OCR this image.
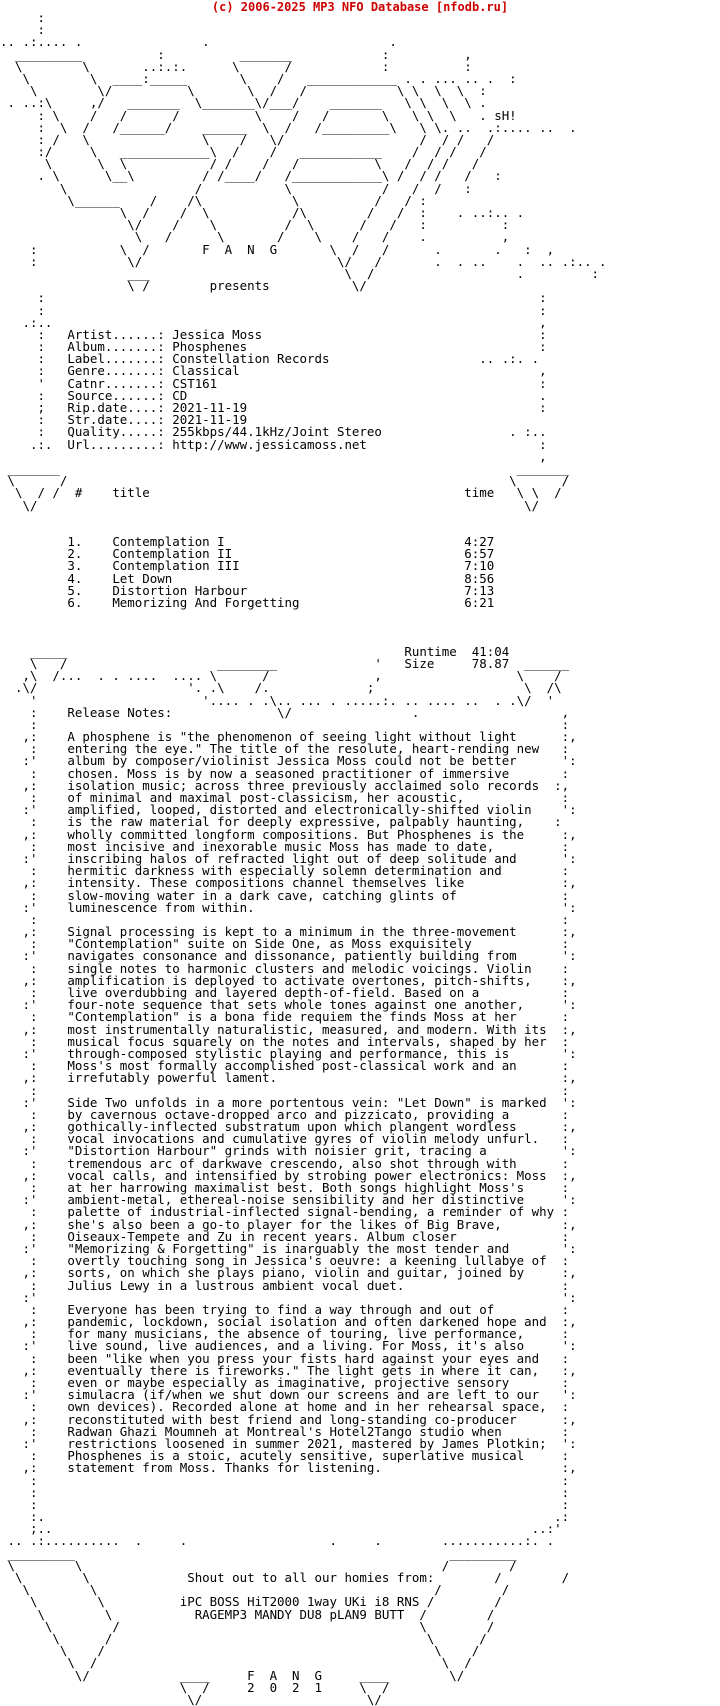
(c) 2006-2025 MP3 NFO Database [nfodb.ru]
:
:
.. .:.... .                .                        .
_________          :          _______            :          ,
\        \       ..:.:.      \      /            :          :
\        \  ____:_____       \    /   ____________ . . ... .. .  :
\        \/          \       \  /   /            \ \  \  \  :
. ..:\     ,/   _______  \_______\/___/    _______   \ \  \  \ .
: \    /   /      /          \    /   /       \   \ \  \   . sH!
:  \  /   /______/    ______  \  /   /_________\   \ \. ..  .:.... ..  .
: /   \               \    /   \/                  /  / /   /
:/     \   ____________\  /    /   ___________    /  / /   /
\      \  \           / /    /   /          \   /  / /   /
. \      \__\         / /____/   /____________\ /  / /   /   :
\                 /           \            /   /  /   :
\______    /    /\            \          /   / :
\  /    /  \           /\        /   /  :    . ..:.. .
\/    /    \         /  \      /   /   :          :
\   /      \       /    \    /   /    .          ,
:           \  /       F  A  N  G       \  /   /      .       .   :  ,
:            \/                          \/   /       .  . ..    .  .. .:.. .
___                          \  /                   .         :
\ /        presents           \/
:                                                                  :
:                                                                  :
.:..                                                                 ,
:   Artist......: Jessica Moss                                     :
:   Album.......: Phosphenes                                       :
:   Label.......: Constellation Records                    .. .:. .
:   Genre.......: Classical                                        ,
'   Catnr.......: CST161                                           :
:   Source......: CD                                               .
;   Rip.date....: 2021-11-19                                       :
:   Str.date....: 2021-11-19
:   Quality.....: 255kbps/44.1kHz/Joint Stereo                 . :..
.:.  Url.........: http://www.jessicamoss.net                       :
,
_______                                                             _______
\      /                                                           \      /
\  / /  #    title                                          time   \ \  /
\/                                                                 \/

1.    Contemplation I                                4:27
2.    Contemplation II                               6:57
3.    Contemplation III                              7:10
4.    Let Down                                       8:56
5.    Distortion Harbour                             7:13
6.    Memorizing And Forgetting                      6:21

_____                                             Runtime  41:04
\   /                    ________             '   Size     78.87  ______
,\  /...  . . ....  .... \      /              ,                  \    /
.\/                    '. .\    /.             ;                    \  /\
'                      '.... . .\.. ... . .....:. .. .... ..  . .\/  '
:    Release Notes:              \/                .                   ,
:                                                                      :
,:    A phosphene is "the phenomenon of seeing light without light      :,
:    entering the eye." The title of the resolute, heart-rending new   :
:'    album by composer/violinist Jessica Moss could not be better      ':
:    chosen. Moss is by now a seasoned practitioner of immersive       :
,:    isolation music; across three previously acclaimed solo records  :,
:    of minimal and maximal post-classicism, her acoustic,             :
:'    amplified, looped, distorted and electronically-shifted violin    ':
:    is the raw material for deeply expressive, palpably haunting,    :
,:    wholly committed longform compositions. But Phosphenes is the     :,
:    most incisive and inexorable music Moss has made to date,         :
:'    inscribing halos of refracted light out of deep solitude and      ':
:    hermitic darkness with especially solemn determination and        :
,:    intensity. These compositions channel themselves like             :,
:    slow-moving water in a dark cave, catching glints of              :
:'    luminescence from within.                                         ':
:                                                                      :
,:    Signal processing is kept to a minimum in the three-movement      :,
:    "Contemplation" suite on Side One, as Moss exquisitely            :
:'    navigates consonance and dissonance, patiently building from      ':
:    single notes to harmonic clusters and melodic voicings. Violin    :
,:    amplification is deployed to activate overtones, pitch-shifts,    :,
:    live overdubbing and layered depth-of-field. Based on a           :
:'    four-note sequence that sets whole tones against one another,     ':
:    "Contemplation" is a bona fide requiem the finds Moss at her      :
,:    most instrumentally naturalistic, measured, and modern. With its  :,
:    musical focus squarely on the notes and intervals, shaped by her  :
:'    through-composed stylistic playing and performance, this is       ':
:    Moss's most formally accomplished post-classical work and an      :
,:    irrefutably powerful lament.                                      :,
:                                                                      :
:'    Side Two unfolds in a more portentous vein: "Let Down" is marked  ':
:    by cavernous octave-dropped arco and pizzicato, providing a       :
,:    gothically-inflected substratum upon which plangent wordless      :,
:    vocal invocations and cumulative gyres of violin melody unfurl.   :
:'    "Distortion Harbour" grinds with noisier grit, tracing a          ':
:    tremendous arc of darkwave crescendo, also shot through with      :
,:    vocal calls, and intensified by strobing power electronics: Moss  :,
:    at her harrowing maximalist best. Both songs highlight Moss's     :
:'    ambient-metal, ethereal-noise sensibility and her distinctive     ':
:    palette of industrial-inflected signal-bending, a reminder of why :
,:    she's also been a go-to player for the likes of Big Brave,        :,
:    Oiseaux-Tempete and Zu in recent years. Album closer              :
:'    "Memorizing & Forgetting" is inarguably the most tender and       ':
:    overtly touching song in Jessica's oeuvre: a keening lullabye of  :
,:    sorts, on which she plays piano, violin and guitar, joined by     :,
:    Julius Lewy in a lustrous ambient vocal duet.                     :
:'                                                                      ':
:    Everyone has been trying to find a way through and out of         :
,:    pandemic, lockdown, social isolation and often darkened hope and  :,
:    for many musicians, the absence of touring, live performance,     :
:'    live sound, live audiences, and a living. For Moss, it's also     ':
:    been "like when you press your fists hard against your eyes and   :
,:    eventually there is fireworks." The light gets in where it can,   :,
:    even or maybe especially as imaginative, projective sensory       :
:'    simulacra (if/when we shut down our screens and are left to our   ':
:    own devices). Recorded alone at home and in her rehearsal space,  :
,:    reconstituted with best friend and long-standing co-producer      :,
:    Radwan Ghazi Moumneh at Montreal's Hotel2Tango studio when        :
:'    restrictions loosened in summer 2021, mastered by James Plotkin;  ':
:    Phosphenes is a stoic, acutely sensitive, superlative musical     :
,:    statement from Moss. Thanks for listening.                        :,
:                                                                      :
:                                                                      :
:                                                                      :
:.                                                                    .:
;..                                                                ..:'
.. .:..........  .     .                   .     .        ...........:. .
_________                                                  _________
\        \                                                /        /
\        \             Shout out to all our homies from:        /        /
\        \                                             /        /
\        \          iPC BOSS HiT2000 1way UKi i8 RNS /        /
\        \           RAGEMP3 MANDY DU8 pLAN9 BUTT  /        /
\        /                                        \        /
\      /                                          \      /
\    /                                            \    /
\  /                                              \  /
\/            ____     F  A  N  G     ____        \/
\  /     2  0  2  1     \  /
\/                      \/
